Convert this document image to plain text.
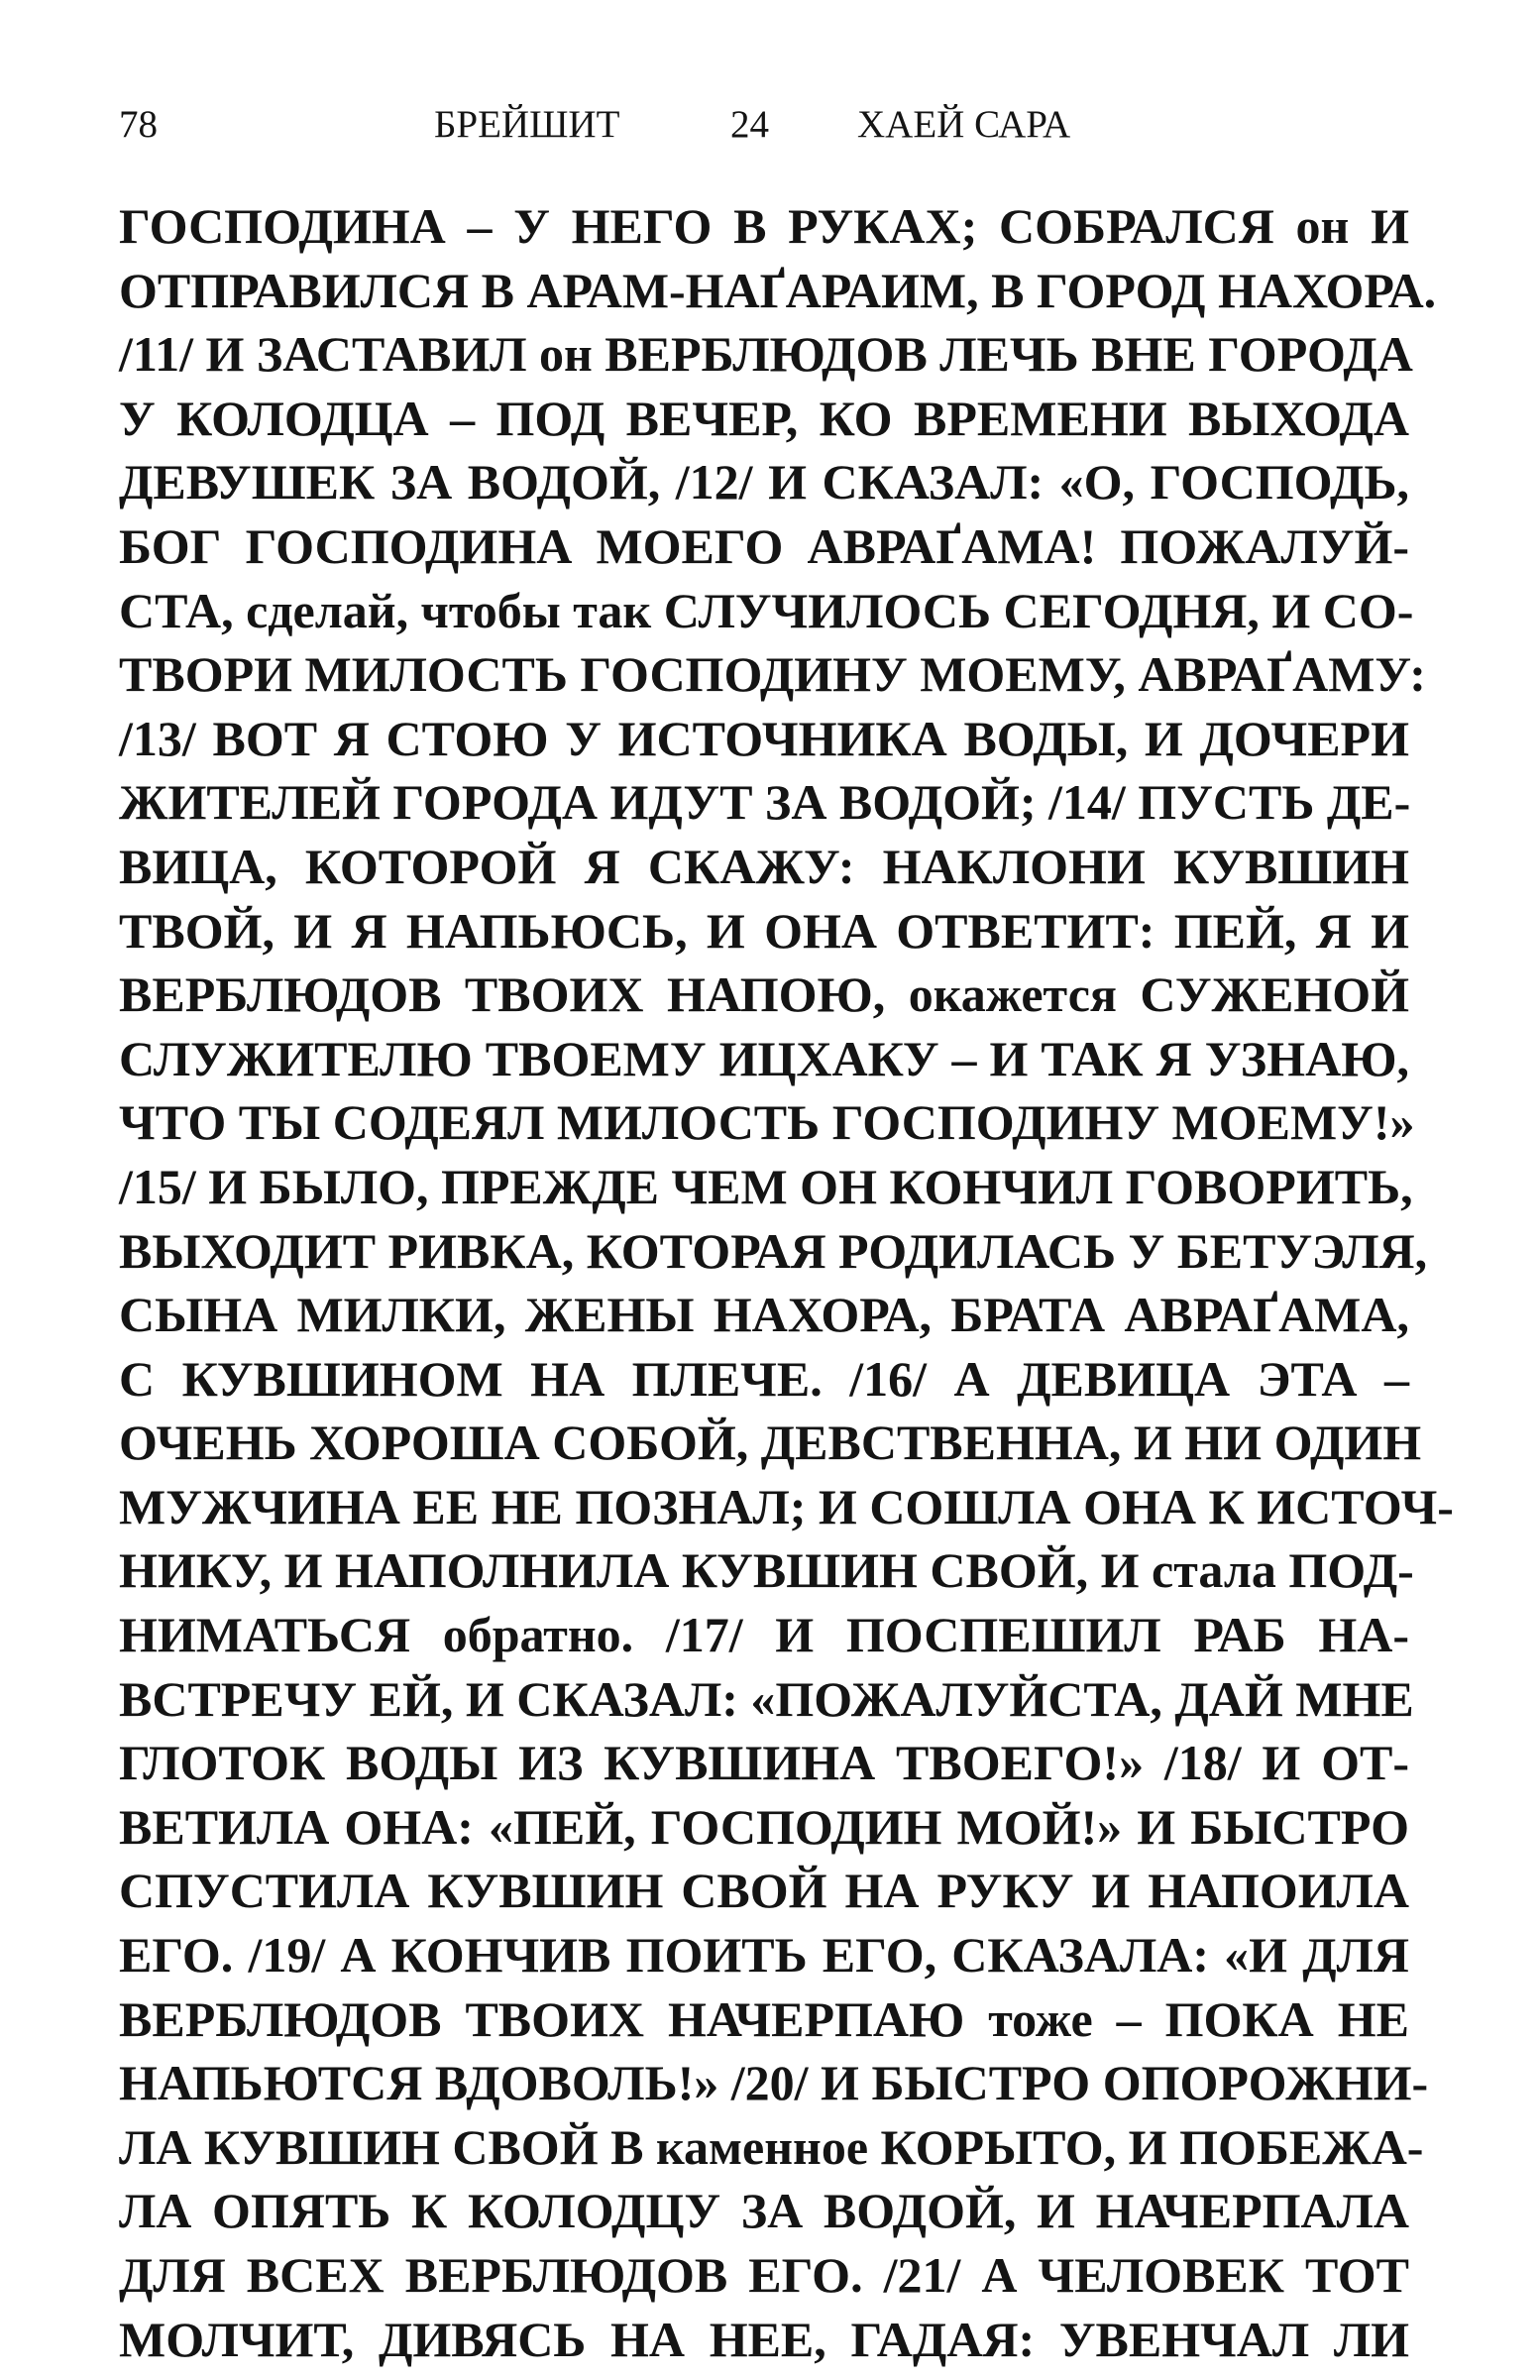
78	БРЕЙШИТ	24 ХАЕЙ САРА
ГОСПОДИНА – У НЕГО В РУКАХ; СОБРАЛСЯ он И
ОТПРАВИЛСЯ В АРАМ-НАҐАРАИМ, В ГОРОД НАХОРА.
/11/ И ЗАСТАВИЛ он ВЕРБЛЮДОВ ЛЕЧЬ ВНЕ ГОРОДА
У КОЛОДЦА – ПОД ВЕЧЕР, КО ВРЕМЕНИ ВЫХОДА
ДЕВУШЕК ЗА ВОДОЙ, /12/ И СКАЗАЛ: «О, ГОСПОДЬ,
БОГ ГОСПОДИНА МОЕГО АВРАҐАМА! ПОЖАЛУЙ-
СТА, сделай, чтобы так СЛУЧИЛОСЬ СЕГОДНЯ, И СО-
ТВОРИ МИЛОСТЬ ГОСПОДИНУ МОЕМУ, АВРАҐАМУ:
/13/ ВОТ Я СТОЮ У ИСТОЧНИКА ВОДЫ, И ДОЧЕРИ
ЖИТЕЛЕЙ ГОРОДА ИДУТ ЗА ВОДОЙ; /14/ ПУСТЬ ДЕ-
ВИЦА, КОТОРОЙ Я СКАЖУ: НАКЛОНИ КУВШИН
ТВОЙ, И Я НАПЬЮСЬ, И ОНА ОТВЕТИТ: ПЕЙ, Я И
ВЕРБЛЮДОВ ТВОИХ НАПОЮ, окажется СУЖЕНОЙ
СЛУЖИТЕЛЮ ТВОЕМУ ИЦХАКУ – И ТАК Я УЗНАЮ,
ЧТО ТЫ СОДЕЯЛ МИЛОСТЬ ГОСПОДИНУ МОЕМУ!»
/15/ И БЫЛО, ПРЕЖДЕ ЧЕМ ОН КОНЧИЛ ГОВОРИТЬ,
ВЫХОДИТ РИВКА, КОТОРАЯ РОДИЛАСЬ У БЕТУЭЛЯ,
СЫНА МИЛКИ, ЖЕНЫ НАХОРА, БРАТА АВРАҐАМА,
С КУВШИНОМ НА ПЛЕЧЕ. /16/ А ДЕВИЦА ЭТА –
ОЧЕНЬ ХОРОША СОБОЙ, ДЕВСТВЕННА, И НИ ОДИН
МУЖЧИНА ЕЕ НЕ ПОЗНАЛ; И СОШЛА ОНА К ИСТОЧ-
НИКУ, И НАПОЛНИЛА КУВШИН СВОЙ, И стала ПОД-
НИМАТЬСЯ обратно. /17/ И ПОСПЕШИЛ РАБ НА-
ВСТРЕЧУ ЕЙ, И СКАЗАЛ: «ПОЖАЛУЙСТА, ДАЙ МНЕ
ГЛОТОК ВОДЫ ИЗ КУВШИНА ТВОЕГО!» /18/ И ОТ-
ВЕТИЛА ОНА: «ПЕЙ, ГОСПОДИН МОЙ!» И БЫСТРО
СПУСТИЛА КУВШИН СВОЙ НА РУКУ И НАПОИЛА
ЕГО. /19/ А КОНЧИВ ПОИТЬ ЕГО, СКАЗАЛА: «И ДЛЯ
ВЕРБЛЮДОВ ТВОИХ НАЧЕРПАЮ тоже – ПОКА НЕ
НАПЬЮТСЯ ВДОВОЛЬ!» /20/ И БЫСТРО ОПОРОЖНИ-
ЛА КУВШИН СВОЙ В каменное КОРЫТО, И ПОБЕЖА-
ЛА ОПЯТЬ К КОЛОДЦУ ЗА ВОДОЙ, И НАЧЕРПАЛА
ДЛЯ ВСЕХ ВЕРБЛЮДОВ ЕГО. /21/ А ЧЕЛОВЕК ТОТ
МОЛЧИТ, ДИВЯСЬ НА НЕЕ, ГАДАЯ: УВЕНЧАЛ ЛИ
